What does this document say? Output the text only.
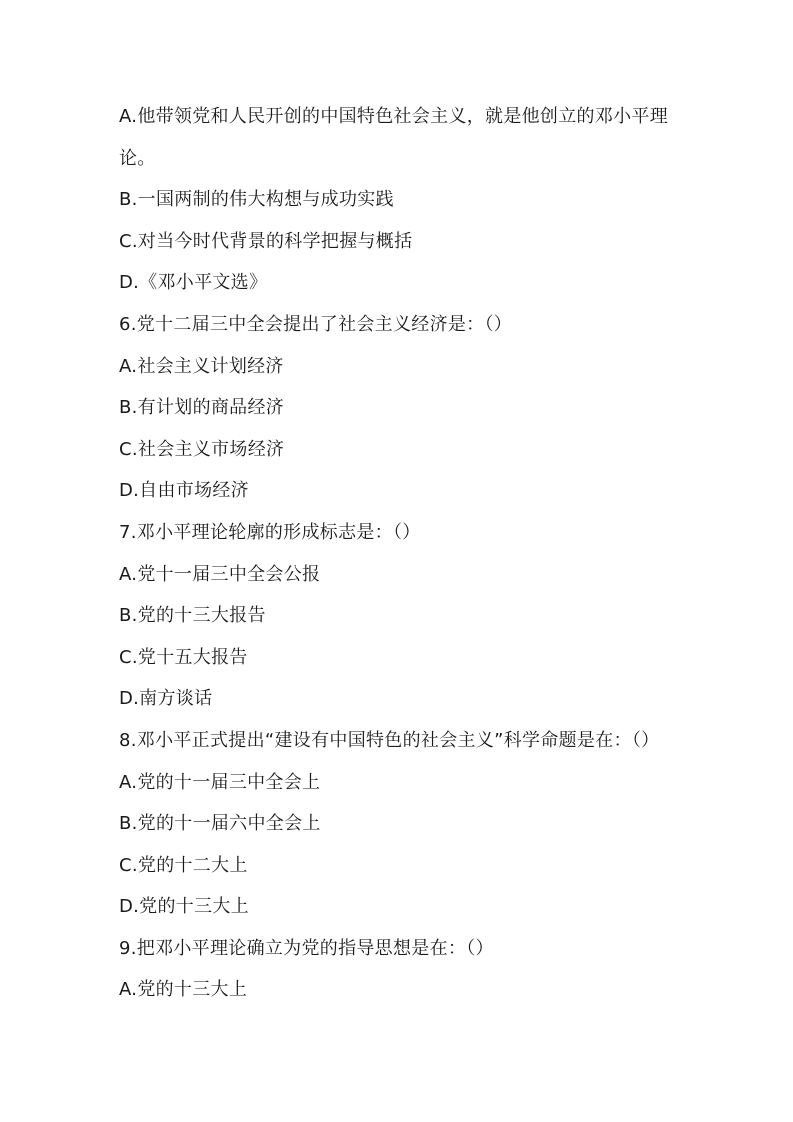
A.他带领党和人民开创的中国特色社会主义，就是他创立的邓小平理
论。
B.一国两制的伟大构想与成功实践
C.对当今时代背景的科学把握与概括
D.《邓小平文选》
6.党十二届三中全会提出了社会主义经济是：（）
A.社会主义计划经济
B.有计划的商品经济
C.社会主义市场经济
D.自由市场经济
7.邓小平理论轮廓的形成标志是：（）
A.党十一届三中全会公报
B.党的十三大报告
C.党十五大报告
D.南方谈话
8.邓小平正式提出“建设有中国特色的社会主义”科学命题是在：（）
A.党的十一届三中全会上
B.党的十一届六中全会上
C.党的十二大上
D.党的十三大上
9.把邓小平理论确立为党的指导思想是在：（）
A.党的十三大上
